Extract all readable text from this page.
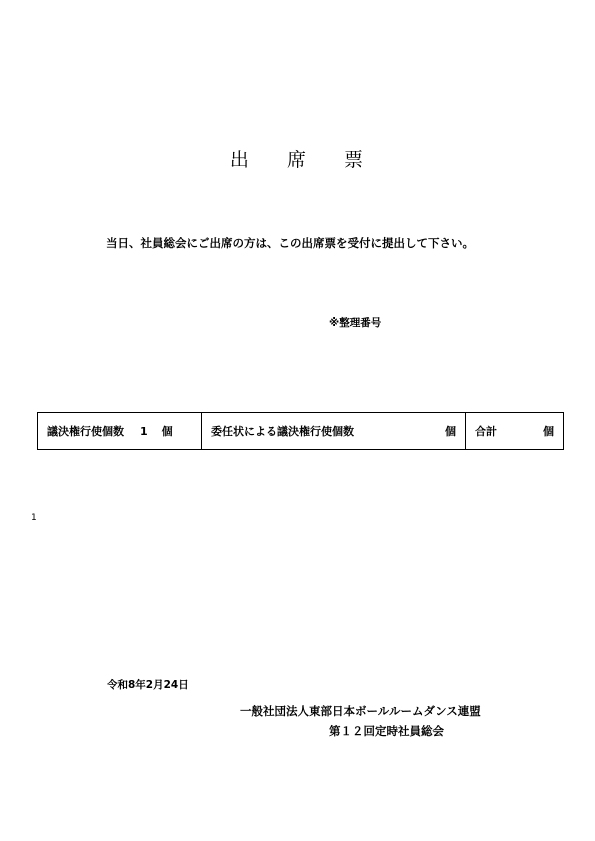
出 席 票
当日、社員総会にご出席の方は、この出席票を受付に提出して下さい。
※整理番号
議決権行使個数 1 個	委任状による議決権行使個数	個	合計	個
1
令和8年2月24日
一般社団法人東部日本ボールルームダンス連盟
第１２回定時社員総会
